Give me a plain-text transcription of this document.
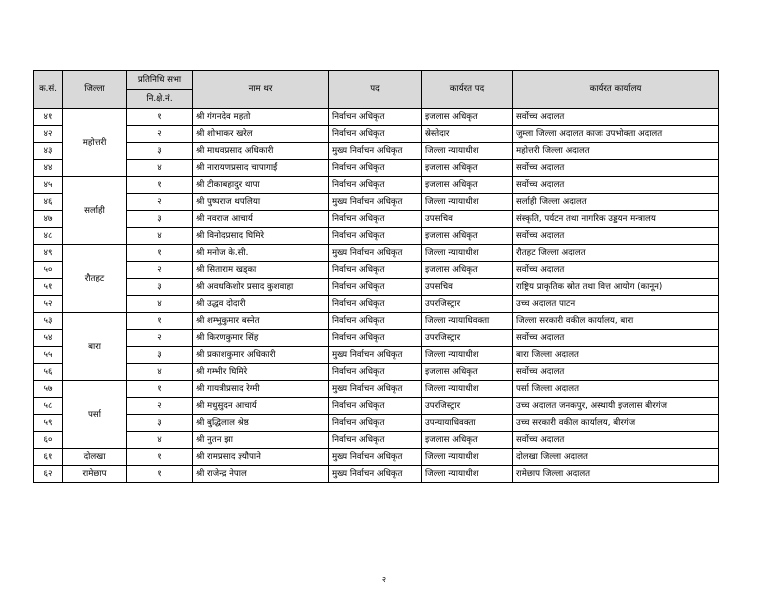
क.सं.	जिल्ला	प्रतिनिधि सभा	नाम थर	पद	कार्यरत पद	कार्यरत कार्यालय
		नि.क्षे.नं.				
४१	महोत्तरी	१	श्री गंगनदेव महतो	निर्वाचन अधिकृत	इजलास अधिकृत	सर्वोच्च अदालत
४२		२	श्री शोभाकर खरेल	निर्वाचन अधिकृत	स्रेस्तेदार	जुम्ला जिल्ला अदालत काजः उपभोक्ता अदालत
४३		३	श्री माधवप्रसाद अधिकारी	मुख्य निर्वाचन अधिकृत	जिल्ला न्यायाधीश	महोत्तरी जिल्ला अदालत
४४		४	श्री नारायणप्रसाद चापागाईं	निर्वाचन अधिकृत	इजलास अधिकृत	सर्वोच्च अदालत
४५	सर्लाही	१	श्री टीकाबहादुर थापा	निर्वाचन अधिकृत	इजलास अधिकृत	सर्वोच्च अदालत
४६		२	श्री पुष्पराज थपलिया	मुख्य निर्वाचन अधिकृत	जिल्ला न्यायाधीश	सर्लाही जिल्ला अदालत
४७		३	श्री नवराज आचार्य	निर्वाचन अधिकृत	उपसचिव	संस्कृति, पर्यटन तथा नागरिक उड्डयन मन्त्रालय
४८		४	श्री विनोदप्रसाद घिमिरे	निर्वाचन अधिकृत	इजलास अधिकृत	सर्वोच्च अदालत
४९	रौतहट	१	श्री मनोज के.सी.	मुख्य निर्वाचन अधिकृत	जिल्ला न्यायाधीश	रौतहट जिल्ला अदालत
५०		२	श्री सिताराम खड्का	निर्वाचन अधिकृत	इजलास अधिकृत	सर्वोच्च अदालत
५१		३	श्री अवधकिशोर प्रसाद कुशवाहा	निर्वाचन अधिकृत	उपसचिव	राष्ट्रिय प्राकृतिक स्रोत तथा वित्त आयोग (कानून)
५२		४	श्री उद्धव दोदारी	निर्वाचन अधिकृत	उपरजिस्ट्रार	उच्च अदालत पाटन
५३	बारा	१	श्री शम्भुकुमार बस्नेत	निर्वाचन अधिकृत	जिल्ला न्यायाधिवक्ता	जिल्ला सरकारी वकील कार्यालय, बारा
५४		२	श्री किरणकुमार सिंह	निर्वाचन अधिकृत	उपरजिस्ट्रार	सर्वोच्च अदालत
५५		३	श्री प्रकाशकुमार अधिकारी	मुख्य निर्वाचन अधिकृत	जिल्ला न्यायाधीश	बारा जिल्ला अदालत
५६		४	श्री गम्भीर घिमिरे	निर्वाचन अधिकृत	इजलास अधिकृत	सर्वोच्च अदालत
५७	पर्सा	१	श्री गायत्रीप्रसाद रेग्मी	मुख्य निर्वाचन अधिकृत	जिल्ला न्यायाधीश	पर्सा जिल्ला अदालत
५८		२	श्री मधुसुदन आचार्य	निर्वाचन अधिकृत	उपरजिस्ट्रार	उच्च अदालत जनकपुर, अस्थायी इजलास बीरगंज
५९		३	श्री बुद्धिलाल श्रेष्ठ	निर्वाचन अधिकृत	उपन्यायाधिवक्ता	उच्च सरकारी वकील कार्यालय, बीरगंज
६०		४	श्री नुतन झा	निर्वाचन अधिकृत	इजलास अधिकृत	सर्वोच्च अदालत
६१	दोलखा	१	श्री रामप्रसाद ज्ञ्यौपाने	मुख्य निर्वाचन अधिकृत	जिल्ला न्यायाधीश	दोलखा जिल्ला अदालत
६२	रामेछाप	१	श्री राजेन्द्र नेपाल	मुख्य निर्वाचन अधिकृत	जिल्ला न्यायाधीश	रामेछाप जिल्ला अदालत
२
